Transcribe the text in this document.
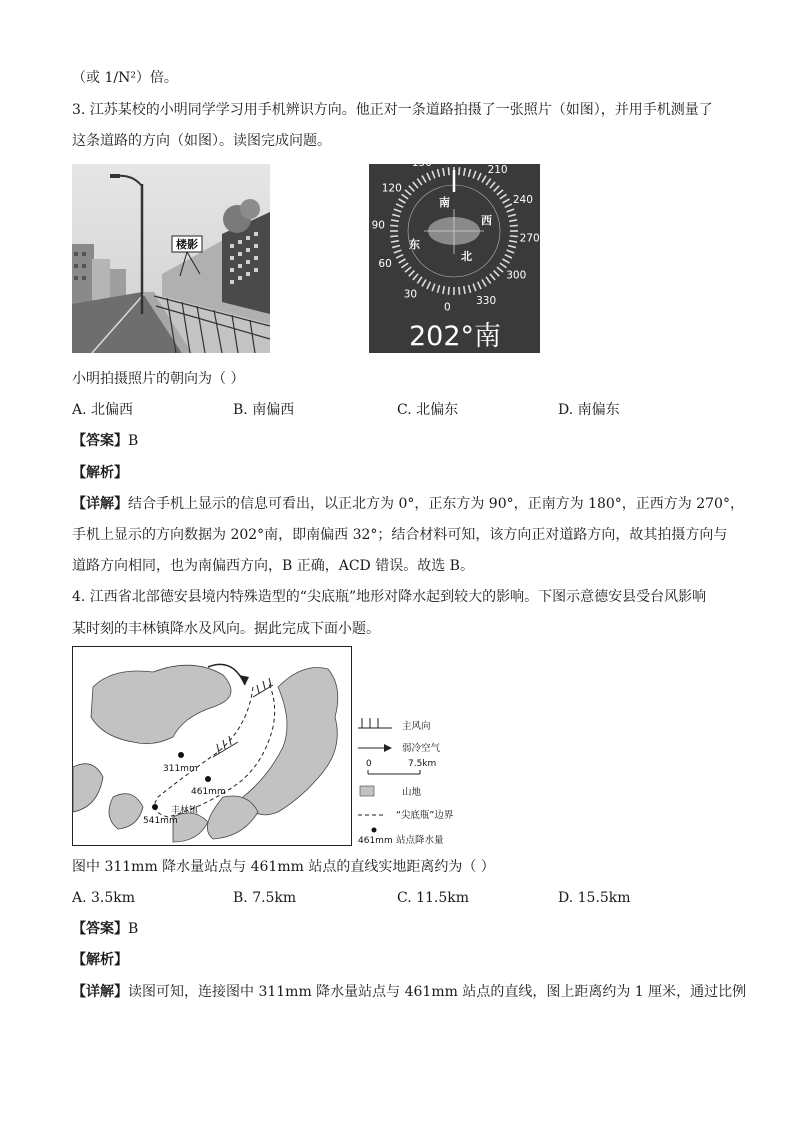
（或 1/N²）倍。
3. 江苏某校的小明同学学习用手机辨识方向。他正对一条道路拍摄了一张照片（如图），并用手机测量了
这条道路的方向（如图）。读图完成问题。
楼影
180
210
240
270
300
330
0
30
60
90
120
150
南
西
东
北
202°南
小明拍摄照片的朝向为（ ）
A. 北偏西	B. 南偏西	C. 北偏东	D. 南偏东
【答案】B
【解析】
【详解】结合手机上显示的信息可看出，以正北方为 0°，正东方为 90°，正南方为 180°，正西方为 270°，
手机上显示的方向数据为 202°南，即南偏西 32°；结合材料可知，该方向正对道路方向，故其拍摄方向与
道路方向相同，也为南偏西方向，B 正确，ACD 错误。故选 B。
4. 江西省北部德安县境内特殊造型的“尖底瓶”地形对降水起到较大的影响。下图示意德安县受台风影响
某时刻的丰林镇降水及风向。据此完成下面小题。
311mm
461mm
541mm
丰林镇
主风向
弱冷空气
0	7.5km
山地
“尖底瓶”边界
461mm 站点降水量
图中 311mm 降水量站点与 461mm 站点的直线实地距离约为（ ）
A. 3.5km	B. 7.5km	C. 11.5km	D. 15.5km
【答案】B
【解析】
【详解】读图可知，连接图中 311mm 降水量站点与 461mm 站点的直线，图上距离约为 1 厘米，通过比例
